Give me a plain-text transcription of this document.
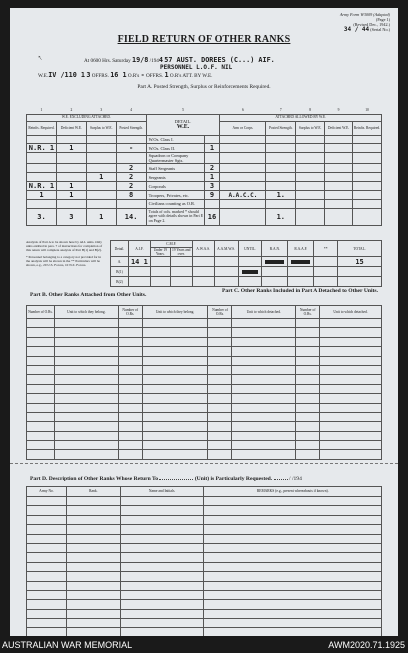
Army Form W3009 (Adapted)
(Page 1)
(Revised Dec., 1942.)
34 / 44 (Serial No.)
↑
FIELD RETURN OF OTHER RANKS
At 0600 Hrs. Saturday 19/8 /1944 57 AUST. DOREES (C...) AIF.
PERSONNEL L.O.F. NIL
W.E.IV /110 1 3 OFFRS. 16 1 O.R's - OFFRS. 1 O.R's ATT. BY W.E.
Part A. Posted Strength, Surplus or Reinforcements Required.
1	2	3	4	5		6	7	8	9	10
W.E. EXCLUDING ATTACHED.				DETAIL.
W.E.		ATTACHED ALLOWED BY W.E.				
Reinfts. Required.	Deficient W.E.	Surplus to W.E.	Posted Strength.			Arm or Corps.	Posted Strength.	Surplus to W.E.	Deficient W.E.	Reinfts. Required.
				W.Os. Class I.						
N.R. 1	1		-	W.Os. Class II.	1					
				Squadron or Company Quartermaster Sgts.						
			2	Staff Sergeants	2					
		1	2	Sergeants	1					
N.R. 1	1		2	Corporals	3					
1	1		8	Troopers, Privates, etc.	9	A.A.C.C.	1.			
				Civilians counting as O.R.						
3.	3	1	14.	Totals of cols. marked * should agree with details shown in Part E on Page 2.	16		1.			
Analysis of Part A to be shown here by ALL units. Only units entitled in para. 7 of instructions for completion of this return will complete analysis of Part B(1) and B(2).
* Personnel belonging to a category not provided for in the analysis will be shown in the ** Particulars will be shown, e.g., 20 U.S. Forces, 10 N.Z. Forces.
Detail.	A.I.F.	C.M.F.		A.W.A.S.	A.A.M.W.S.	UNTIL.	R.A.N.	R.A.A.F.	**	TOTAL.
		Under 19 Years.	19 Years and over.							
A.	14 1									15
B(1)						

B(2)										
Part B. Other Ranks Attached from Other Units.
Part C. Other Ranks Included in Part A Detached to Other Units.
Number of O.Rs.	Unit to which they belong.	Number of O.Rs.	Unit to which they belong.	Number of O.Rs.	Unit to which detached.	Number of O.Rs.	Unit to which detached.

Part D. Description of Other Ranks Whose Return To	(Unit) is Particularly Requested.	/ /194
Army No.	Rank.	Name and Initials.	REMARKS (e.g., present whereabouts if known).

AUSTRALIAN WAR MEMORIAL	AWM2020.71.1925
